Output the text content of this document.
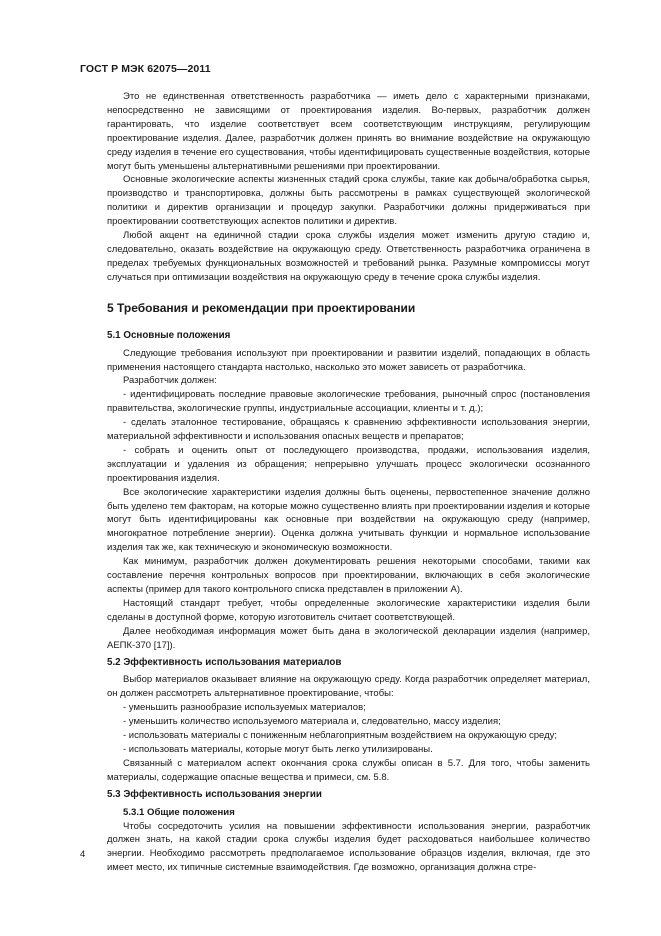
ГОСТ Р МЭК 62075—2011

Это не единственная ответственность разработчика — иметь дело с характерными признаками, непосредственно не зависящими от проектирования изделия. Во-первых, разработчик должен гарантировать, что изделие соответствует всем соответствующим инструкциям, регулирующим проектирование изделия. Далее, разработчик должен принять во внимание воздействие на окружающую среду изделия в течение его существования, чтобы идентифицировать существенные воздействия, которые могут быть уменьшены альтернативными решениями при проектировании.

Основные экологические аспекты жизненных стадий срока службы, такие как добыча/обработка сырья, производство и транспортировка, должны быть рассмотрены в рамках существующей экологической политики и директив организации и процедур закупки. Разработчики должны придерживаться при проектировании соответствующих аспектов политики и директив.

Любой акцент на единичной стадии срока службы изделия может изменить другую стадию и, следовательно, оказать воздействие на окружающую среду. Ответственность разработчика ограничена в пределах требуемых функциональных возможностей и требований рынка. Разумные компромиссы могут случаться при оптимизации воздействия на окружающую среду в течение срока службы изделия.

5 Требования и рекомендации при проектировании

5.1 Основные положения

Следующие требования используют при проектировании и развитии изделий, попадающих в область применения настоящего стандарта настолько, насколько это может зависеть от разработчика.

Разработчик должен:

- идентифицировать последние правовые экологические требования, рыночный спрос (постановления правительства, экологические группы, индустриальные ассоциации, клиенты и т. д.);

- сделать эталонное тестирование, обращаясь к сравнению эффективности использования энергии, материальной эффективности и использования опасных веществ и препаратов;

- собрать и оценить опыт от последующего производства, продажи, использования изделия, эксплуатации и удаления из обращения; непрерывно улучшать процесс экологически осознанного проектирования изделия.

Все экологические характеристики изделия должны быть оценены, первостепенное значение должно быть уделено тем факторам, на которые можно существенно влиять при проектировании изделия и которые могут быть идентифицированы как основные при воздействии на окружающую среду (например, многократное потребление энергии). Оценка должна учитывать функции и нормальное использование изделия так же, как техническую и экономическую возможности.

Как минимум, разработчик должен документировать решения некоторыми способами, такими как составление перечня контрольных вопросов при проектировании, включающих в себя экологические аспекты (пример для такого контрольного списка представлен в приложении А).

Настоящий стандарт требует, чтобы определенные экологические характеристики изделия были сделаны в доступной форме, которую изготовитель считает соответствующей.

Далее необходимая информация может быть дана в экологической декларации изделия (например, АЕПК-370 [17]).

5.2 Эффективность использования материалов

Выбор материалов оказывает влияние на окружающую среду. Когда разработчик определяет материал, он должен рассмотреть альтернативное проектирование, чтобы:

- уменьшить разнообразие используемых материалов;

- уменьшить количество используемого материала и, следовательно, массу изделия;

- использовать материалы с пониженным неблагоприятным воздействием на окружающую среду;

- использовать материалы, которые могут быть легко утилизированы.

Связанный с материалом аспект окончания срока службы описан в 5.7. Для того, чтобы заменить материалы, содержащие опасные вещества и примеси, см. 5.8.

5.3 Эффективность использования энергии

5.3.1 Общие положения

Чтобы сосредоточить усилия на повышении эффективности использования энергии, разработчик должен знать, на какой стадии срока службы изделия будет расходоваться наибольшее количество энергии. Необходимо рассмотреть предполагаемое использование образцов изделия, включая, где это имеет место, их типичные системные взаимодействия. Где возможно, организация должна стре-

4
